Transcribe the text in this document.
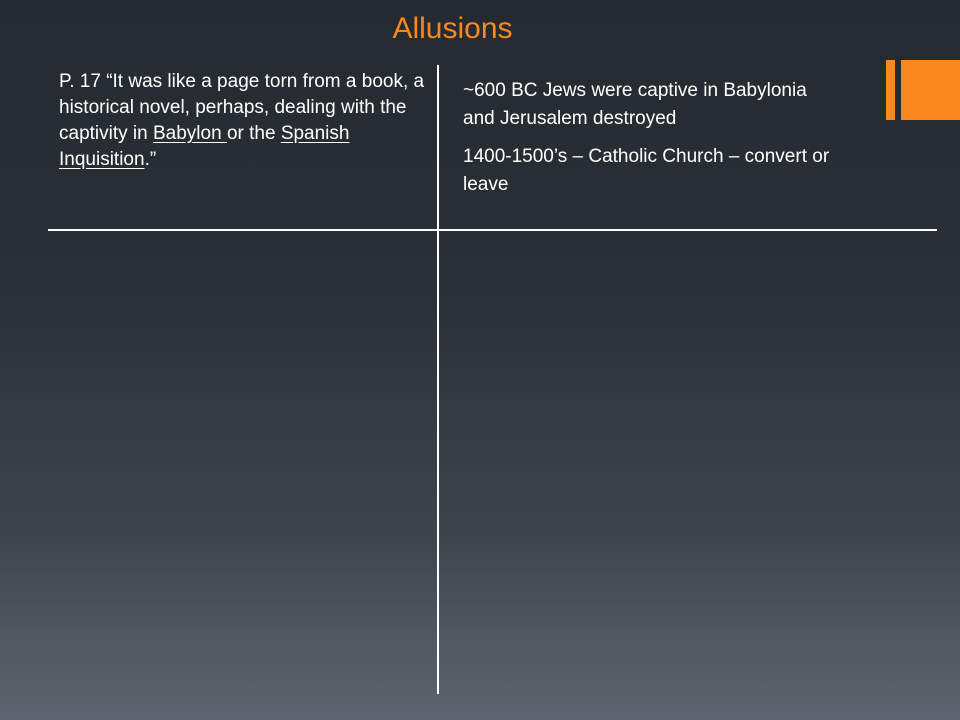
Allusions

P. 17 “It was like a page torn from a book, a historical novel, perhaps, dealing with the captivity in Babylon or the Spanish Inquisition.”

~600 BC Jews were captive in Babylonia and Jerusalem destroyed
1400-1500’s – Catholic Church – convert or leave
